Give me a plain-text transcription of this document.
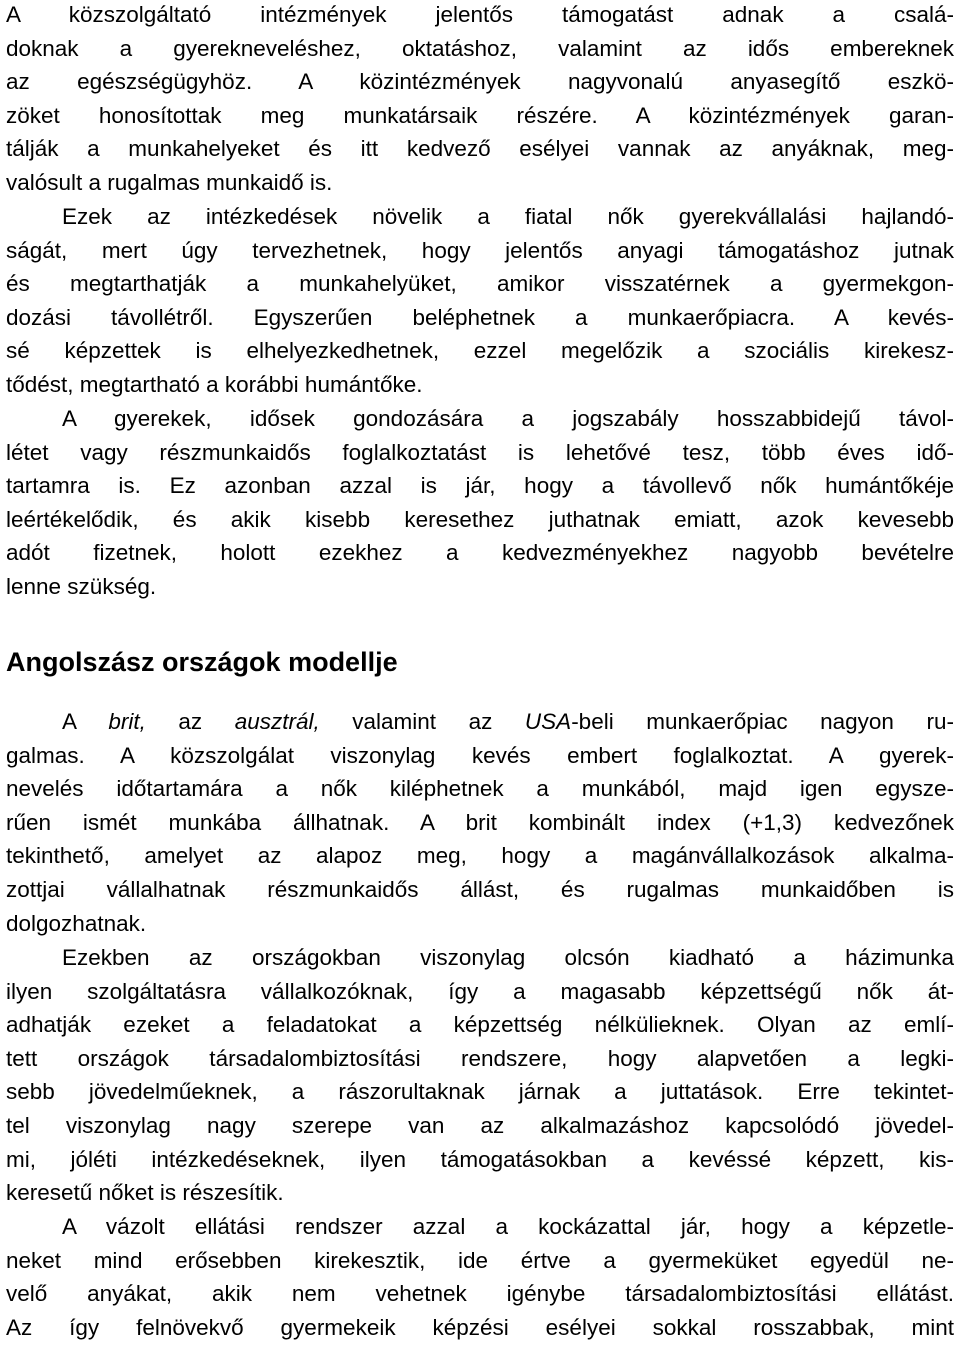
A közszolgáltató intézmények jelentős támogatást adnak a csalá-

doknak a gyerekneveléshez, oktatáshoz, valamint az idős embereknek

az egészségügyhöz. A közintézmények nagyvonalú anyasegítő eszkö-

zöket honosítottak meg munkatársaik részére. A közintézmények garan-

tálják a munkahelyeket és itt kedvező esélyei vannak az anyáknak, meg-

valósult a rugalmas munkaidő is.

Ezek az intézkedések növelik a fiatal nők gyerekvállalási hajlandó-

ságát, mert úgy tervezhetnek, hogy jelentős anyagi támogatáshoz jutnak

és megtarthatják a munkahelyüket, amikor visszatérnek a gyermekgon-

dozási távollétről. Egyszerűen beléphetnek a munkaerőpiacra. A kevés-

sé képzettek is elhelyezkedhetnek, ezzel megelőzik a szociális kirekesz-

tődést, megtartható a korábbi humántőke.

A gyerekek, idősek gondozására a jogszabály hosszabbidejű távol-

létet vagy részmunkaidős foglalkoztatást is lehetővé tesz, több éves idő-

tartamra is. Ez azonban azzal is jár, hogy a távollevő nők humántőkéje

leértékelődik, és akik kisebb keresethez juthatnak emiatt, azok kevesebb

adót fizetnek, holott ezekhez a kedvezményekhez nagyobb bevételre

lenne szükség.

Angolszász országok modellje

A brit, az ausztrál, valamint az USA-beli munkaerőpiac nagyon ru-

galmas. A közszolgálat viszonylag kevés embert foglalkoztat. A gyerek-

nevelés időtartamára a nők kiléphetnek a munkából, majd igen egysze-

rűen ismét munkába állhatnak. A brit kombinált index (+1,3) kedvezőnek

tekinthető, amelyet az alapoz meg, hogy a magánvállalkozások alkalma-

zottjai vállalhatnak részmunkaidős állást, és rugalmas munkaidőben is

dolgozhatnak.

Ezekben az országokban viszonylag olcsón kiadható a házimunka

ilyen szolgáltatásra vállalkozóknak, így a magasabb képzettségű nők át-

adhatják ezeket a feladatokat a képzettség nélkülieknek. Olyan az emlí-

tett országok társadalombiztosítási rendszere, hogy alapvetően a legki-

sebb jövedelműeknek, a rászorultaknak járnak a juttatások. Erre tekintet-

tel viszonylag nagy szerepe van az alkalmazáshoz kapcsolódó jövedel-

mi, jóléti intézkedéseknek, ilyen támogatásokban a kevéssé képzett, kis-

keresetű nőket is részesítik.

A vázolt ellátási rendszer azzal a kockázattal jár, hogy a képzetle-

neket mind erősebben kirekesztik, ide értve a gyermeküket egyedül ne-

velő anyákat, akik nem vehetnek igénybe társadalombiztosítási ellátást.

Az így felnövekvő gyermekeik képzési esélyei sokkal rosszabbak, mint
